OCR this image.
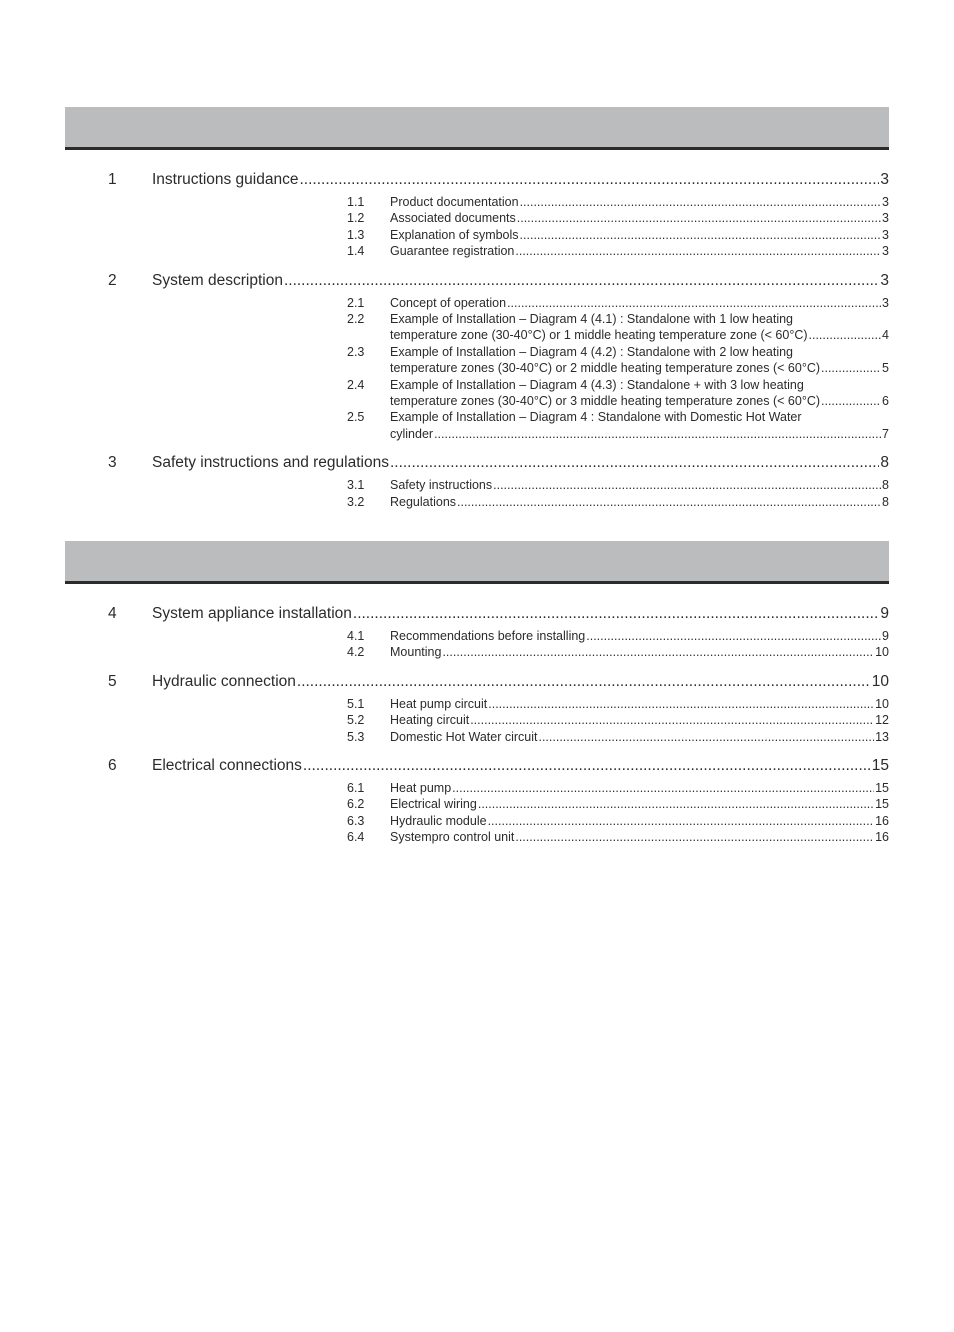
1 Instructions guidance .....	3
1.1 Product documentation .....	3
1.2 Associated documents .....	3
1.3 Explanation of symbols .....	3
1.4 Guarantee registration .....	3
2 System description .....	3
2.1 Concept of operation .....	3
2.2 Example of Installation – Diagram 4 (4.1) : Standalone with 1 low heating
temperature zone (30-40°C) or 1 middle heating temperature zone (< 60°C) .....	4
2.3 Example of Installation – Diagram 4 (4.2) : Standalone with 2 low heating
temperature zones (30-40°C) or 2 middle heating temperature zones (< 60°C) .....	5
2.4 Example of Installation – Diagram 4 (4.3) : Standalone + with 3 low heating
temperature zones (30-40°C) or 3 middle heating temperature zones (< 60°C) .....	6
2.5 Example of Installation – Diagram 4 : Standalone with Domestic Hot Water
cylinder .....	7
3 Safety instructions and regulations .....	8
3.1 Safety instructions .....	8
3.2 Regulations .....	8
4 System appliance installation .....	9
4.1 Recommendations before installing .....	9
4.2 Mounting .....	10
5 Hydraulic connection .....	10
5.1 Heat pump circuit .....	10
5.2 Heating circuit .....	12
5.3 Domestic Hot Water circuit .....	13
6 Electrical connections .....	15
6.1 Heat pump .....	15
6.2 Electrical wiring .....	15
6.3 Hydraulic module .....	16
6.4 Systempro control unit .....	16
